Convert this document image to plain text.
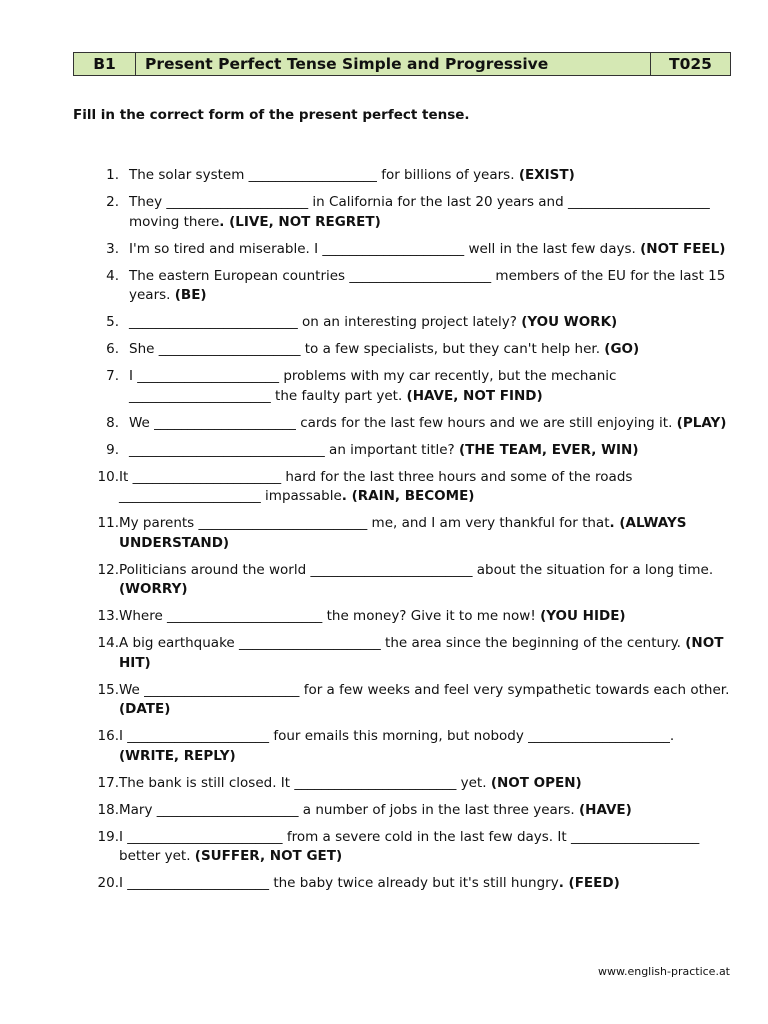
B1	Present Perfect Tense Simple and Progressive	T025
Fill in the correct form of the present perfect tense.
1. The solar system ___________________ for billions of years. (EXIST)
2. They _____________________ in California for the last 20 years and _____________________ moving there. (LIVE, NOT REGRET)
3. I'm so tired and miserable. I _____________________ well in the last few days. (NOT FEEL)
4. The eastern European countries _____________________ members of the EU for the last 15 years. (BE)
5. _________________________ on an interesting project lately? (YOU WORK)
6. She _____________________ to a few specialists, but they can't help her. (GO)
7. I _____________________ problems with my car recently, but the mechanic _____________________ the faulty part yet. (HAVE, NOT FIND)
8. We _____________________ cards for the last few hours and we are still enjoying it. (PLAY)
9. _____________________________ an important title? (THE TEAM, EVER, WIN)
10. It ______________________ hard for the last three hours and some of the roads _____________________ impassable. (RAIN, BECOME)
11. My parents _________________________ me, and I am very thankful for that. (ALWAYS UNDERSTAND)
12. Politicians around the world ________________________ about the situation for a long time. (WORRY)
13. Where _______________________ the money? Give it to me now! (YOU HIDE)
14. A big earthquake _____________________ the area since the beginning of the century. (NOT HIT)
15. We _______________________ for a few weeks and feel very sympathetic towards each other. (DATE)
16. I _____________________ four emails this morning, but nobody _____________________. (WRITE, REPLY)
17. The bank is still closed. It ________________________ yet. (NOT OPEN)
18. Mary _____________________ a number of jobs in the last three years. (HAVE)
19. I _______________________ from a severe cold in the last few days. It ___________________ better yet. (SUFFER, NOT GET)
20. I _____________________ the baby twice already but it's still hungry. (FEED)
www.english-practice.at
